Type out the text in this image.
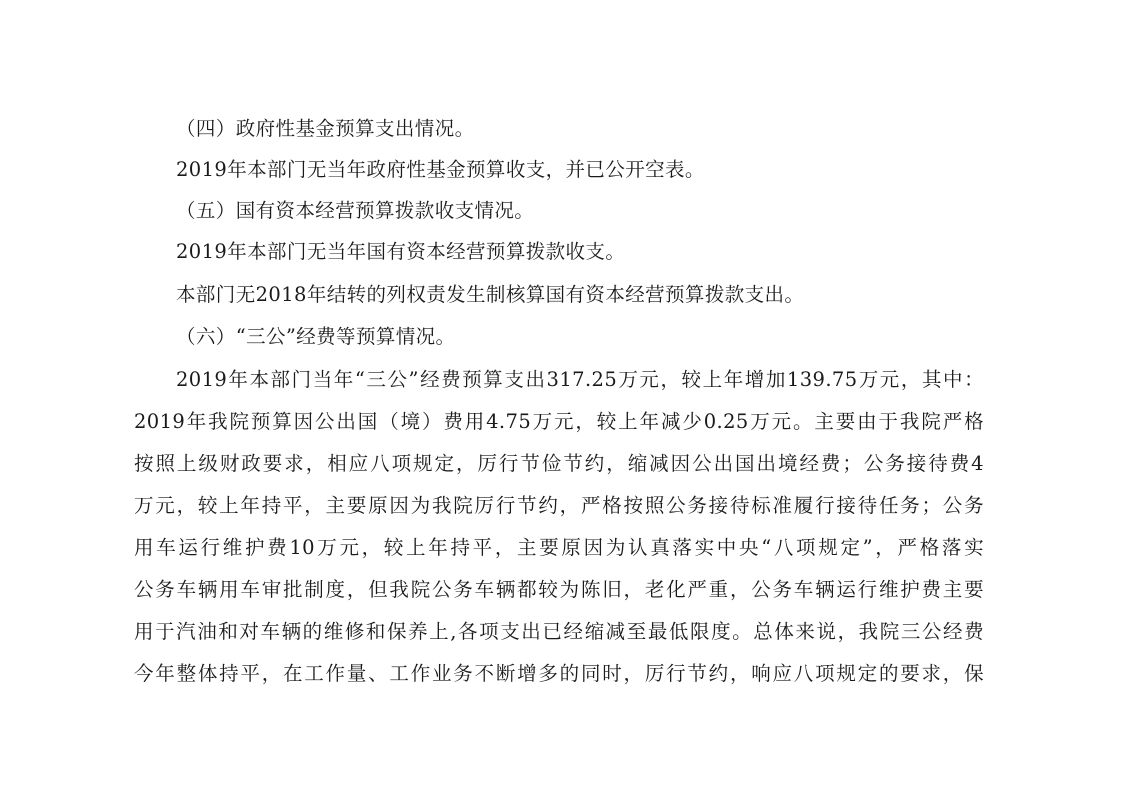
（四）政府性基金预算支出情况。
2019年本部门无当年政府性基金预算收支，并已公开空表。
（五）国有资本经营预算拨款收支情况。
2019年本部门无当年国有资本经营预算拨款收支。
本部门无2018年结转的列权责发生制核算国有资本经营预算拨款支出。
（六）“三公”经费等预算情况。
2019年本部门当年“三公”经费预算支出317.25万元，较上年增加139.75万元，其中：
2019年我院预算因公出国（境）费用4.75万元，较上年减少0.25万元。主要由于我院严格
按照上级财政要求，相应八项规定，厉行节俭节约，缩减因公出国出境经费；公务接待费4
万元，较上年持平，主要原因为我院厉行节约，严格按照公务接待标准履行接待任务；公务
用车运行维护费10万元，较上年持平，主要原因为认真落实中央“八项规定”，严格落实
公务车辆用车审批制度，但我院公务车辆都较为陈旧，老化严重，公务车辆运行维护费主要
用于汽油和对车辆的维修和保养上,各项支出已经缩减至最低限度。总体来说，我院三公经费
今年整体持平，在工作量、工作业务不断增多的同时，厉行节约，响应八项规定的要求，保
